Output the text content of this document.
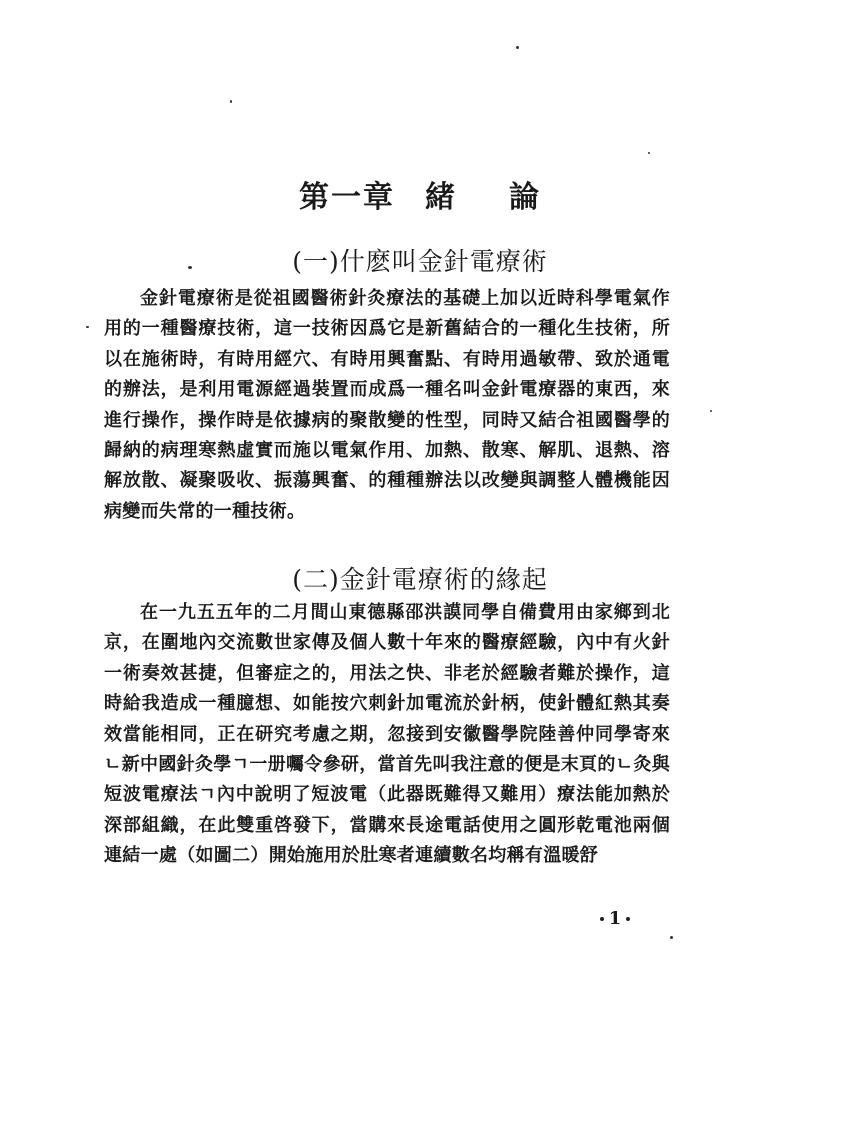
第一章 緒 論
(一)什麽叫金針電療術

金針電療術是從祖國醫術針灸療法的基礎上加以近時科學電氣作用的一種醫療技術，這一技術因爲它是新舊結合的一種化生技術，所以在施術時，有時用經穴、有時用興奮點、有時用過敏帶、致於通電的辦法，是利用電源經過裝置而成爲一種名叫金針電療器的東西，來進行操作，操作時是依據病的聚散變的性型，同時又結合祖國醫學的歸納的病理寒熱虛實而施以電氣作用、加熱、散寒、解肌、退熱、溶解放散、凝聚吸收、振蕩興奮、的種種辦法以改變與調整人體機能因病變而失常的一種技術。

(二)金針電療術的緣起

在一九五五年的二月間山東德縣邵洪謨同學自備費用由家鄉到北京，在圍地內交流數世家傳及個人數十年來的醫療經驗，內中有火針一術奏效甚捷，但審症之的，用法之快、非老於經驗者難於操作，這時給我造成一種臆想、如能按穴刺針加電流於針柄，使針體紅熱其奏效當能相同，正在研究考慮之期，忽接到安徽醫學院陸善仲同學寄來ㄴ新中國針灸學ㄱ一册囑令參研，當首先叫我注意的便是末頁的ㄴ灸與短波電療法ㄱ內中說明了短波電（此器既難得又難用）療法能加熱於深部組織，在此雙重啓發下，當購來長途電話使用之圓形乾電池兩個連結一處（如圖二）開始施用於肚寒者連續數名均稱有溫暖舒

1
